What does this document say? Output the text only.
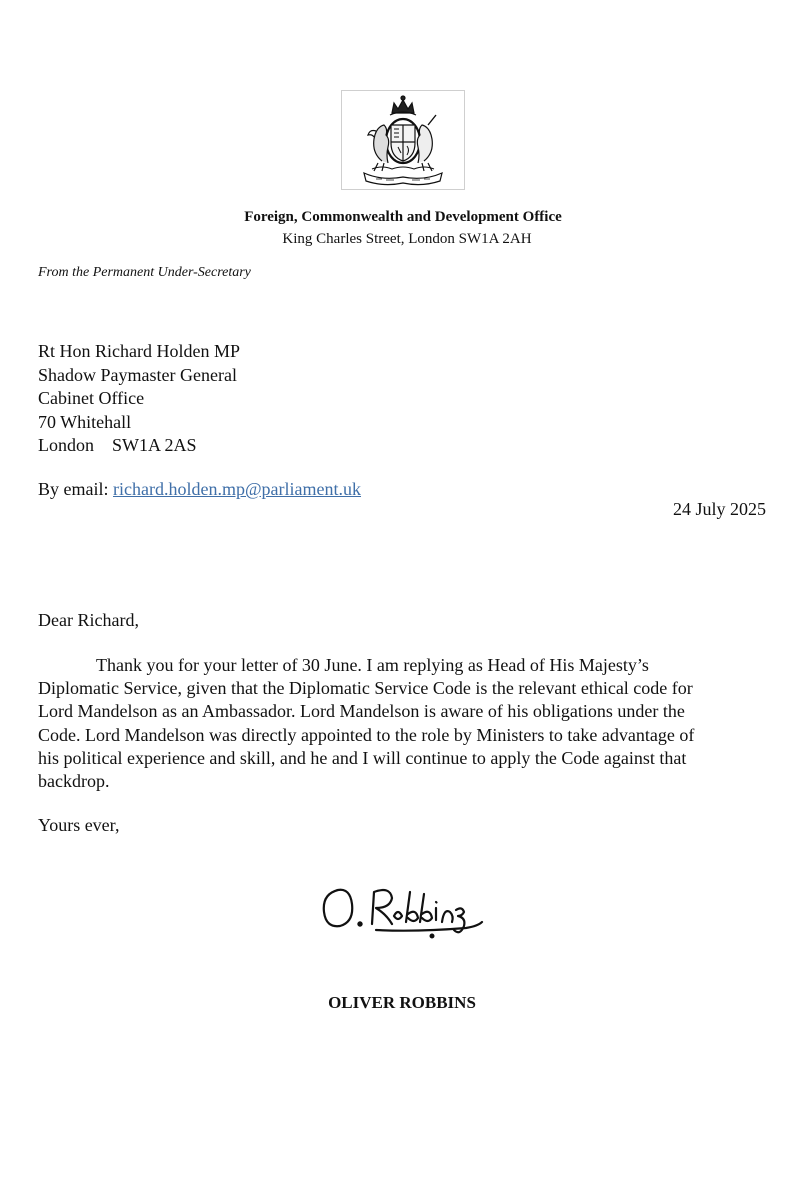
Foreign, Commonwealth and Development Office
King Charles Street, London SW1A 2AH
From the Permanent Under-Secretary
Rt Hon Richard Holden MP
Shadow Paymaster General
Cabinet Office
70 Whitehall
London    SW1A 2AS
By email: richard.holden.mp@parliament.uk
24 July 2025
Dear Richard,
Thank you for your letter of 30 June. I am replying as Head of His Majesty’s
Diplomatic Service, given that the Diplomatic Service Code is the relevant ethical code for
Lord Mandelson as an Ambassador. Lord Mandelson is aware of his obligations under the
Code. Lord Mandelson was directly appointed to the role by Ministers to take advantage of
his political experience and skill, and he and I will continue to apply the Code against that
backdrop.
Yours ever,
OLIVER ROBBINS
